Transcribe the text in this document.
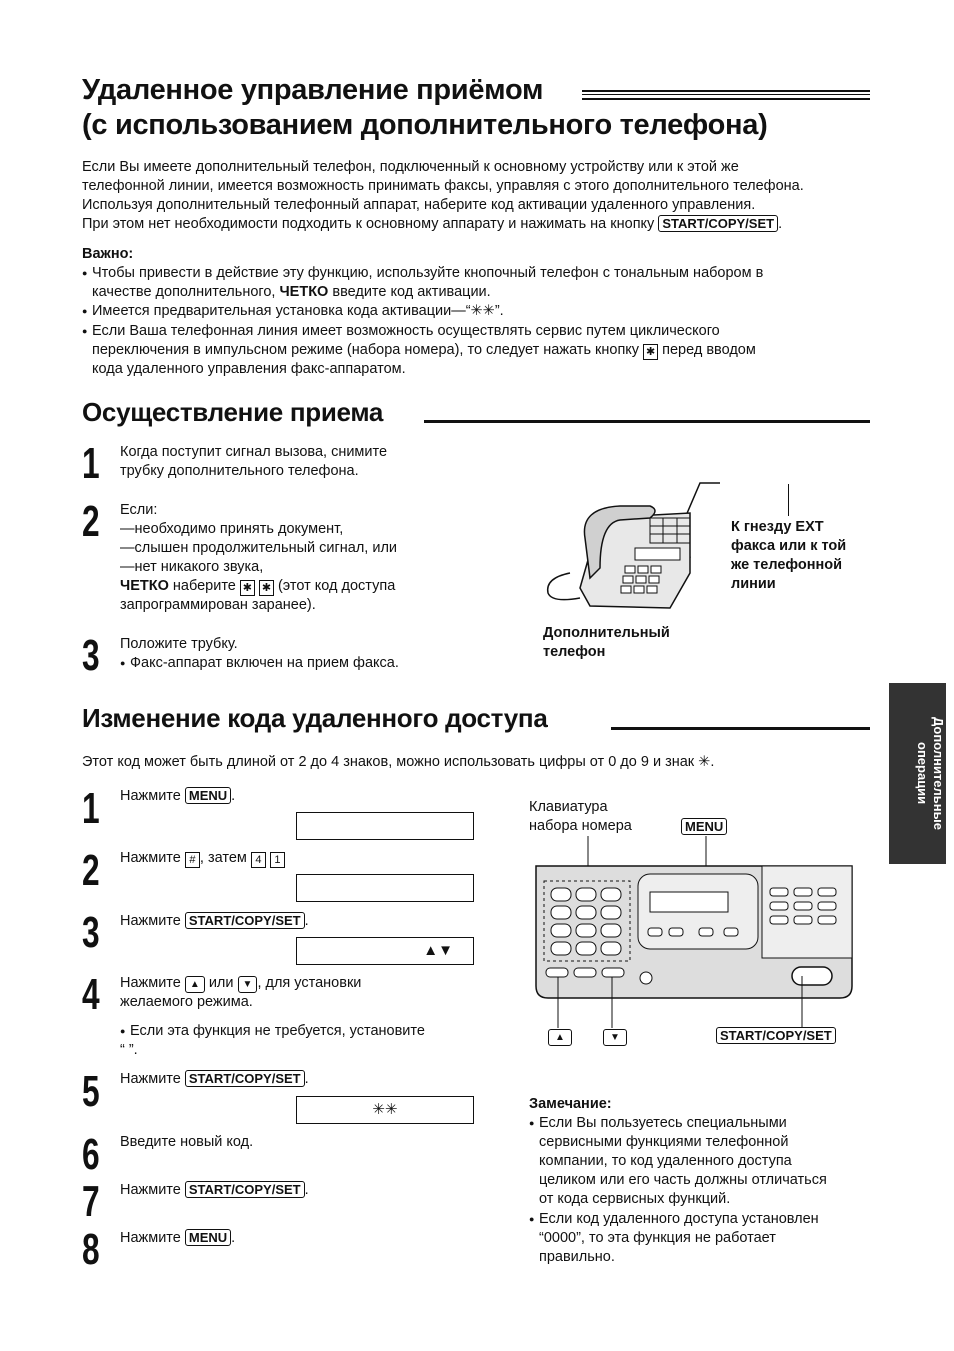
Удаленное управление приёмом
(с использованием дополнительного телефона)
Если Вы имеете дополнительный телефон, подключенный к основному устройству или к этой же
телефонной линии, имеется возможность принимать факсы, управляя с этого дополнительного телефона.
Используя дополнительный телефонный аппарат, наберите код активации удаленного управления.
При этом нет необходимости подходить к основному аппарату и нажимать на кнопку START/COPY/SET .
Важно:
● Чтобы привести в действие эту функцию, используйте кнопочный телефон с тональным набором в
качестве дополнительного, ЧЕТКО введите код активации.
● Имеется предварительная установка кода активации—“✳✳”.
● Если Ваша телефонная линия имеет возможность осуществлять сервис путем циклического
переключения в импульсном режиме (набора номера), то следует нажать кнопку ✱ перед вводом
кода удаленного управления факс-аппаратом.
Осуществление приема
1 Когда поступит сигнал вызова, снимите
трубку дополнительного телефона.
2 Если:
—необходимо принять документ,
—слышен продолжительный сигнал, или
—нет никакого звука,
ЧЕТКО наберите ✱ ✱ (этот код доступа
запрограммирован заранее).
3 Положите трубку.
● Факс-аппарат включен на прием факса.
К гнезду EXT
факса или к той
же телефонной
линии
Дополнительный
телефон
Дополнительные
операции
Изменение кода удаленного доступа
Этот код может быть длиной от 2 до 4 знаков, можно использовать цифры от 0 до 9 и знак ✳.
1 Нажмите MENU .
2 Нажмите # , затем 4 1
3 Нажмите START/COPY/SET .
▲▼
4 Нажмите ▲ или ▼ , для установки
желаемого режима.
● Если эта функция не требуется, установите
“ ”.
5 Нажмите START/COPY/SET .
✳✳
6 Введите новый код.
7 Нажмите START/COPY/SET .
8 Нажмите MENU .
Клавиатура
набора номера	MENU
▲	▼	START/COPY/SET
Замечание:
● Если Вы пользуетесь специальными
сервисными функциями телефонной
компании, то код удаленного доступа
целиком или его часть должны отличаться
от кода сервисных функций.
● Если код удаленного доступа установлен
“0000”, то эта функция не работает
правильно.
